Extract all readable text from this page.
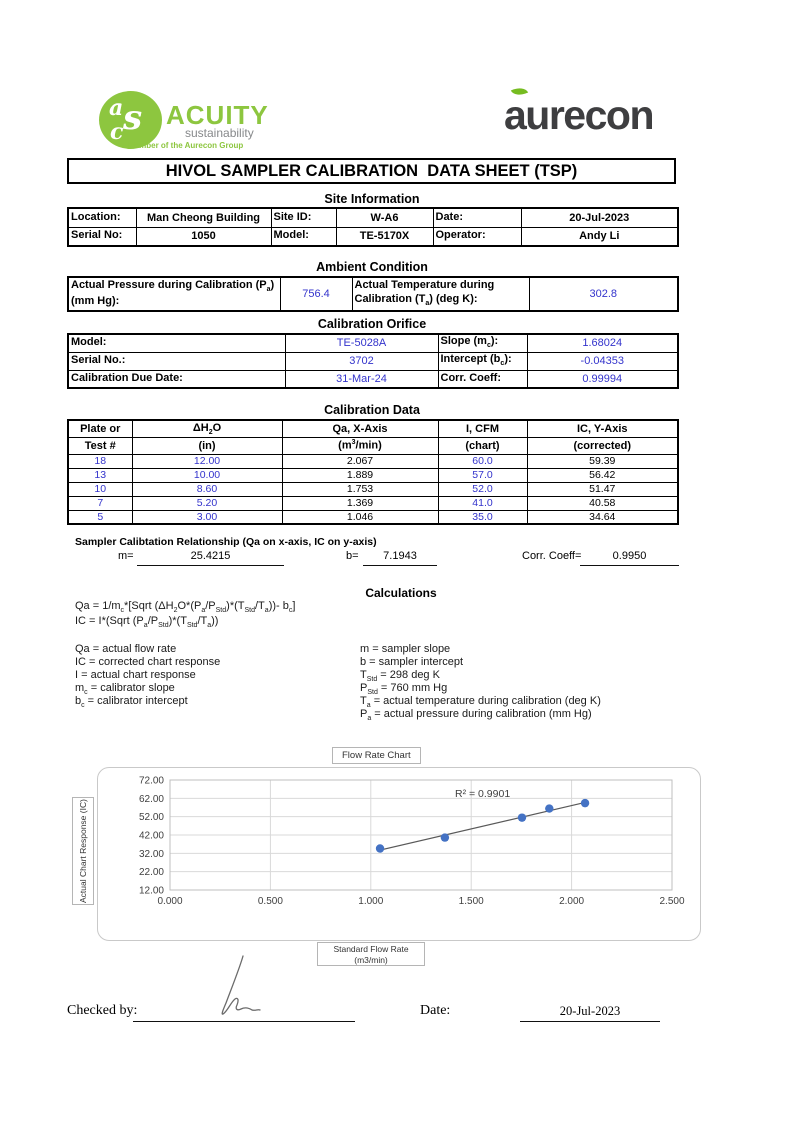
a s
c
ACUITY
sustainability
Member of the Aurecon Group
aurecon
HIVOL SAMPLER CALIBRATION  DATA SHEET (TSP)
Site Information
Location:	Man Cheong Building	Site ID:	W-A6	Date:	20-Jul-2023
Serial No:	1050	Model:	TE-5170X	Operator:	Andy Li
Ambient Condition
Actual Pressure during Calibration $(P_a)$ (mm Hg):	756.4	Actual Temperature during Calibration $(T_a)$ (deg K):	302.8
Calibration Orifice
Model:	TE-5028A	Slope $(m_c)$:	1.68024
Serial No.:	3702	Intercept $(b_c)$:	-0.04353
Calibration Due Date:	31-Mar-24	Corr. Coeff:	0.99994
Calibration Data
Plate or	$\Delta H_2O$	Qa, X-Axis	I, CFM	IC, Y-Axis
Test #	(in)	$(m^3/\min)$	(chart)	(corrected)
18	12.00	2.067	60.0	59.39
13	10.00	1.889	57.0	56.42
10	8.60	1.753	52.0	51.47
7	5.20	1.369	41.0	40.58
5	3.00	1.046	35.0	34.64
Sampler Calibtation Relationship (Qa on x-axis, IC on y-axis)
m=	25.4215	b=	7.1943	Corr. Coeff=	0.9950
Calculations
$Qa = 1/m_c*[Sqrt$ $(\Delta H_2O*(P_a/P_{Std})*(T_{Std}/T_a))-$ $b_c$]
IC = I*(Sqrt $(P_a/P_{Std})*(T_{Std}/T_a)$)
Qa = actual flow rate
IC = corrected chart response
I = actual chart response
$m_c$ = calibrator slope
$b_c$ = calibrator intercept
m = sampler slope
b = sampler intercept
$T_{Std} = 298$ deg K
$P_{Std} = 760$ mm Hg
$T_a$ = actual temperature during calibration (deg K)
$P_a$ = actual pressure during calibration (mm Hg)
Flow Rate Chart
Actual Chart Response (IC)	12.00
22.00
32.00
42.00
52.00
62.00
72.00
0.000	0.500	1.000	1.500	2.000	2.500
R² = 0.9901
Standard Flow Rate
(m3/min)
Checked by:	Date:	20-Jul-2023
